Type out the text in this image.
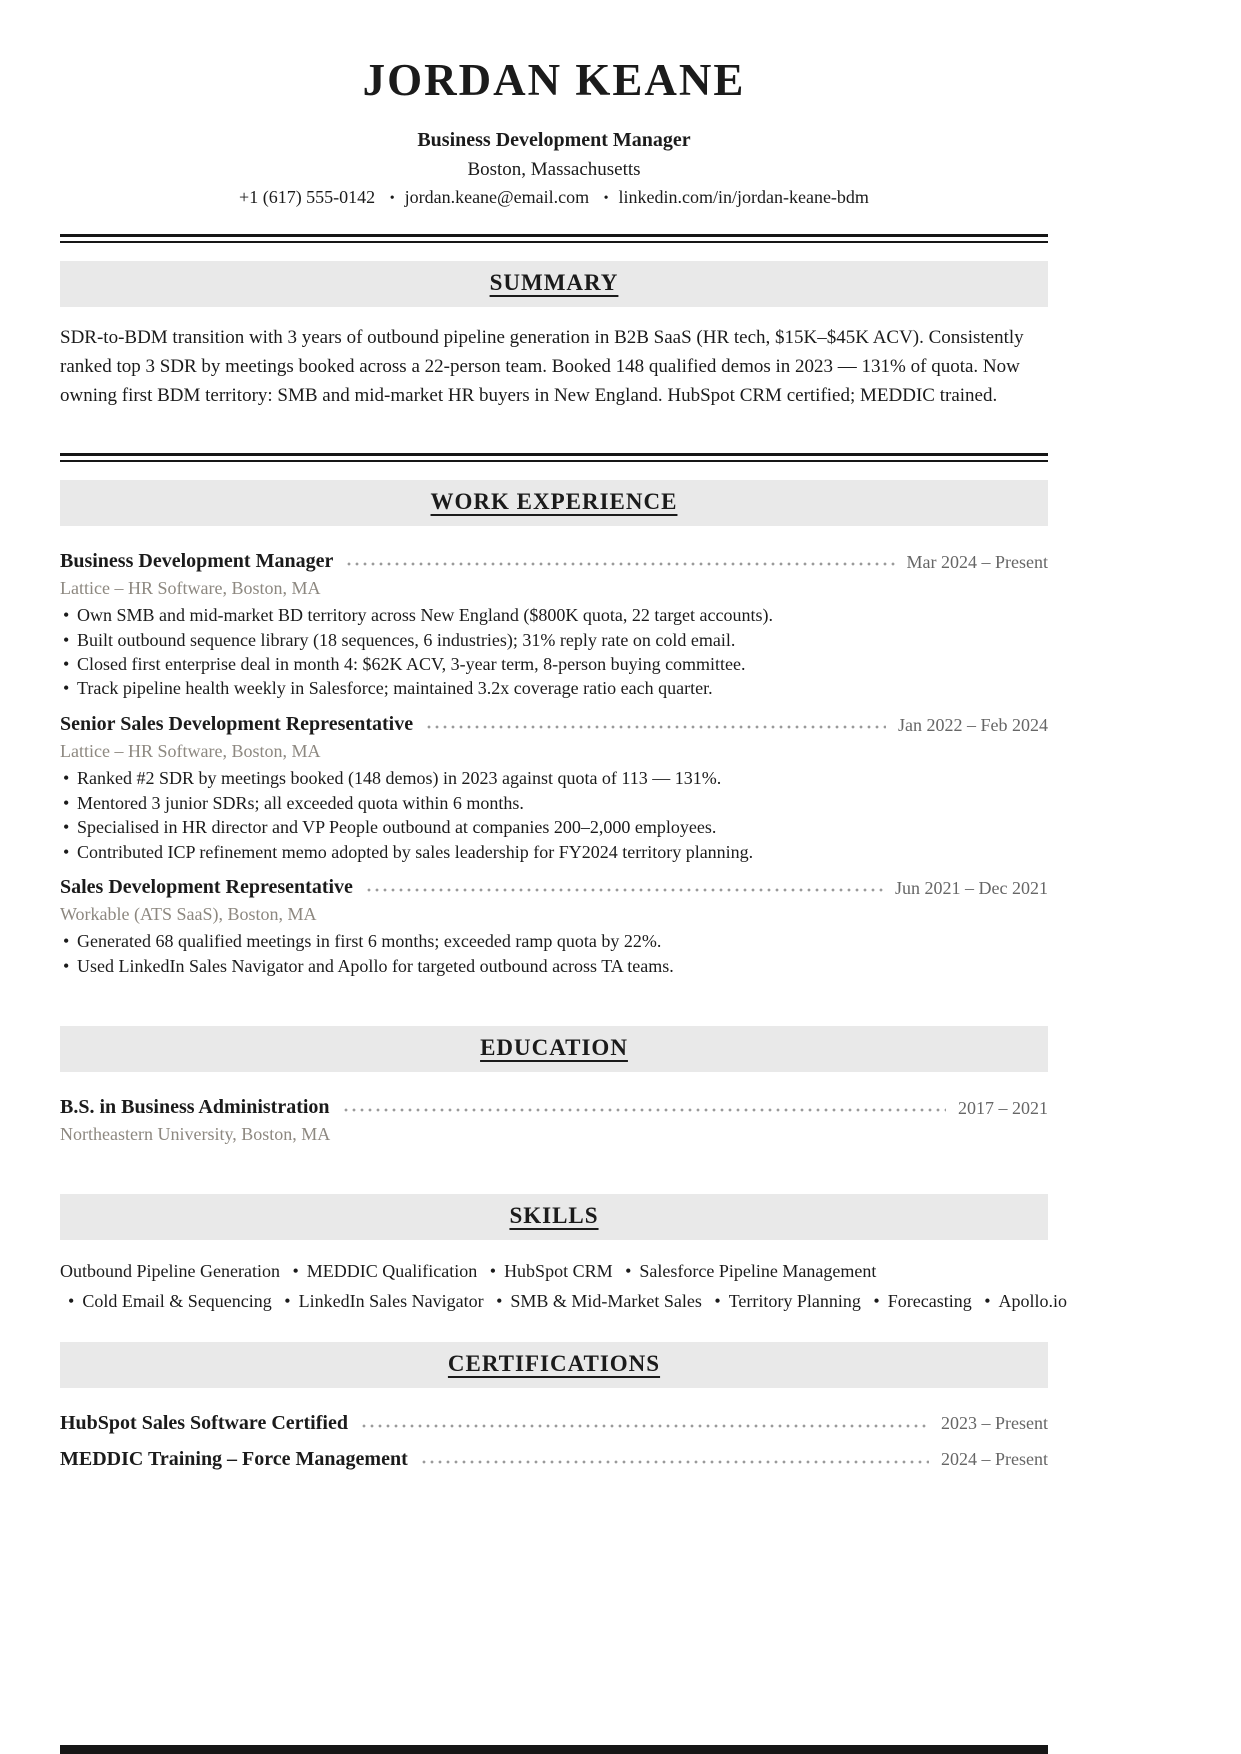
JORDAN KEANE
Business Development Manager
Boston, Massachusetts
+1 (617) 555-0142 • jordan.keane@email.com • linkedin.com/in/jordan-keane-bdm
SUMMARY

SDR-to-BDM transition with 3 years of outbound pipeline generation in B2B SaaS (HR tech, $15K–$45K ACV). Consistently ranked top 3 SDR by meetings booked across a 22-person team. Booked 148 qualified demos in 2023 — 131% of quota. Now owning first BDM territory: SMB and mid-market HR buyers in New England. HubSpot CRM certified; MEDDIC trained.

WORK EXPERIENCE
Business Development Manager	Mar 2024 – Present
Lattice – HR Software, Boston, MA
• Own SMB and mid-market BD territory across New England ($800K quota, 22 target accounts).
• Built outbound sequence library (18 sequences, 6 industries); 31% reply rate on cold email.
• Closed first enterprise deal in month 4: $62K ACV, 3-year term, 8-person buying committee.
• Track pipeline health weekly in Salesforce; maintained 3.2x coverage ratio each quarter.
Senior Sales Development Representative	Jan 2022 – Feb 2024
Lattice – HR Software, Boston, MA
• Ranked #2 SDR by meetings booked (148 demos) in 2023 against quota of 113 — 131%.
• Mentored 3 junior SDRs; all exceeded quota within 6 months.
• Specialised in HR director and VP People outbound at companies 200–2,000 employees.
• Contributed ICP refinement memo adopted by sales leadership for FY2024 territory planning.
Sales Development Representative	Jun 2021 – Dec 2021
Workable (ATS SaaS), Boston, MA
• Generated 68 qualified meetings in first 6 months; exceeded ramp quota by 22%.
• Used LinkedIn Sales Navigator and Apollo for targeted outbound across TA teams.
EDUCATION
B.S. in Business Administration	2017 – 2021
Northeastern University, Boston, MA
SKILLS
Outbound Pipeline Generation • MEDDIC Qualification • HubSpot CRM • Salesforce Pipeline Management
• Cold Email & Sequencing • LinkedIn Sales Navigator • SMB & Mid-Market Sales • Territory Planning • Forecasting • Apollo.io
CERTIFICATIONS
HubSpot Sales Software Certified	2023 – Present
MEDDIC Training – Force Management	2024 – Present
